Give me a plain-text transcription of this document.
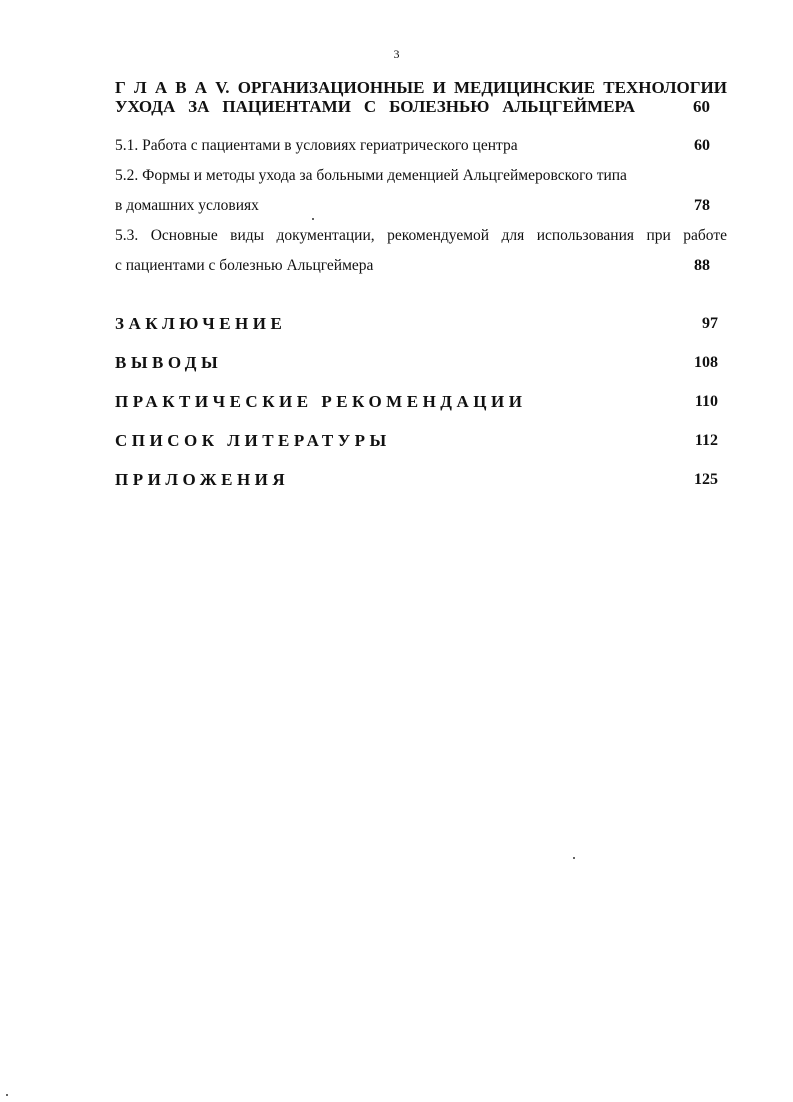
3
Г Л А В А V. ОРГАНИЗАЦИОННЫЕ И МЕДИЦИНСКИЕ ТЕХНОЛОГИИ
УХОДА ЗА ПАЦИЕНТАМИ С БОЛЕЗНЬЮ АЛЬЦГЕЙМЕРА	60
5.1. Работа с пациентами в условиях гериатрического центра	60
5.2. Формы и методы ухода за больными деменцией Альцгеймеровского типа
в домашних условиях	78
5.3. Основные виды документации, рекомендуемой для использования при работе
с пациентами с болезнью Альцгеймера	88
ЗАКЛЮЧЕНИЕ	97
ВЫВОДЫ	108
ПРАКТИЧЕСКИЕ РЕКОМЕНДАЦИИ	110
СПИСОК ЛИТЕРАТУРЫ	112
ПРИЛОЖЕНИЯ	125
